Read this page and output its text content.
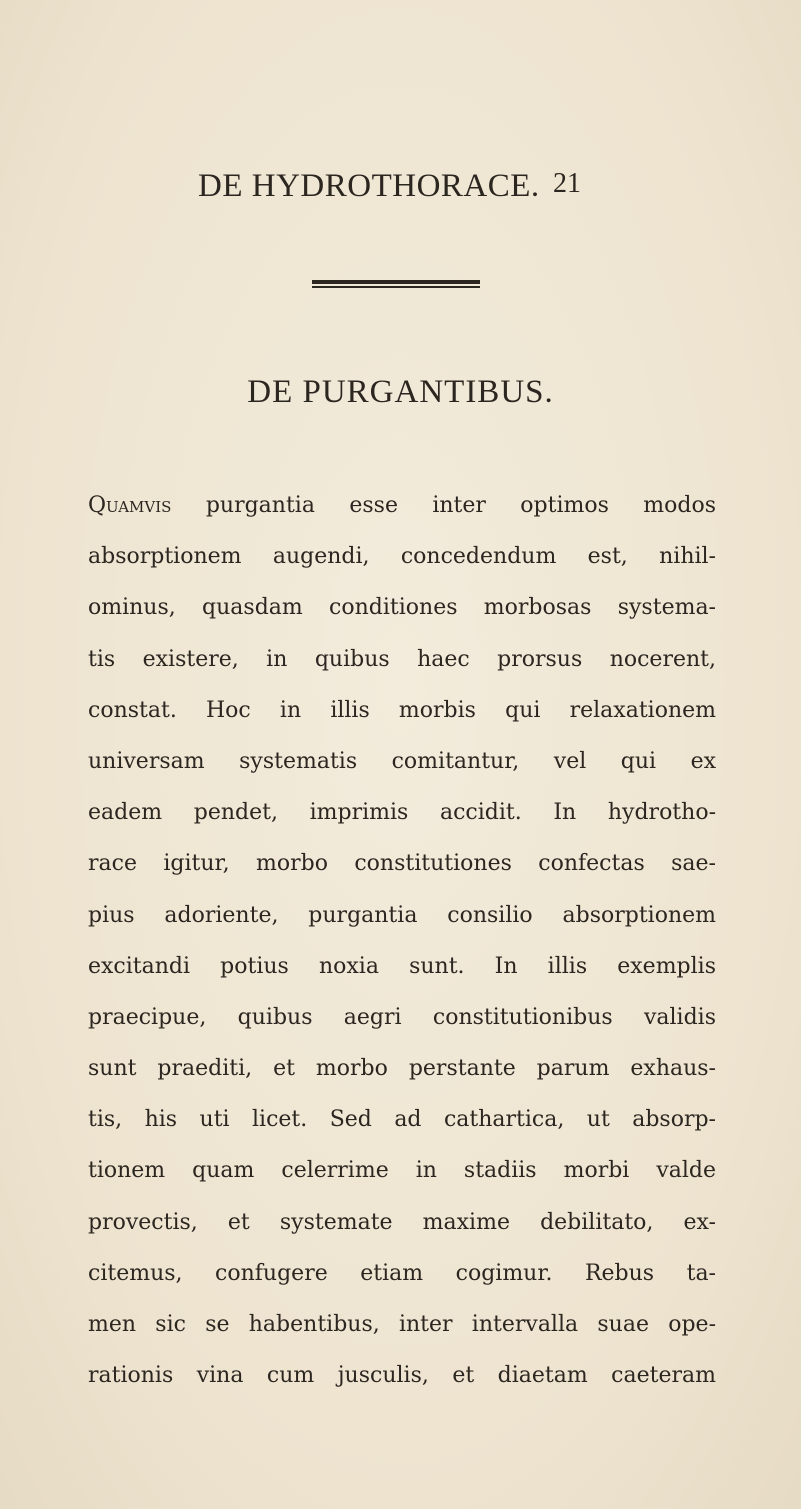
DE HYDROTHORACE. 21
DE PURGANTIBUS.
Quamvis purgantia esse inter optimos modos
absorptionem augendi, concedendum est, nihil-
ominus, quasdam conditiones morbosas systema-
tis existere, in quibus haec prorsus nocerent,
constat. Hoc in illis morbis qui relaxationem
universam systematis comitantur, vel qui ex
eadem pendet, imprimis accidit. In hydrotho-
race igitur, morbo constitutiones confectas sae-
pius adoriente, purgantia consilio absorptionem
excitandi potius noxia sunt. In illis exemplis
praecipue, quibus aegri constitutionibus validis
sunt praediti, et morbo perstante parum exhaus-
tis, his uti licet. Sed ad cathartica, ut absorp-
tionem quam celerrime in stadiis morbi valde
provectis, et systemate maxime debilitato, ex-
citemus, confugere etiam cogimur. Rebus ta-
men sic se habentibus, inter intervalla suae ope-
rationis vina cum jusculis, et diaetam caeteram
